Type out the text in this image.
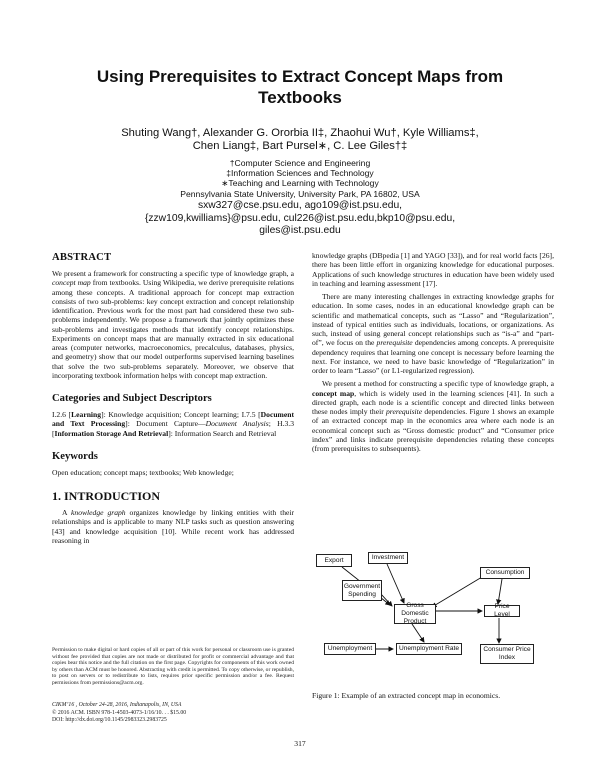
Using Prerequisites to Extract Concept Maps from Textbooks
Shuting Wang†, Alexander G. Ororbia II‡, Zhaohui Wu†, Kyle Williams‡,
Chen Liang‡, Bart Pursel∗, C. Lee Giles†‡
†Computer Science and Engineering
‡Information Sciences and Technology
∗Teaching and Learning with Technology
Pennsylvania State University, University Park, PA 16802, USA
sxw327@cse.psu.edu, ago109@ist.psu.edu,
{zzw109,kwilliams}@psu.edu, cul226@ist.psu.edu,bkp10@psu.edu,
giles@ist.psu.edu
ABSTRACT

We present a framework for constructing a specific type of knowledge graph, a concept map from textbooks. Using Wikipedia, we derive prerequisite relations among these concepts. A traditional approach for concept map extraction consists of two sub-problems: key concept extraction and concept relationship identification. Previous work for the most part had considered these two sub-problems independently. We propose a framework that jointly optimizes these sub-problems and investigates methods that identify concept relationships. Experiments on concept maps that are manually extracted in six educational areas (computer networks, macroeconomics, precalculus, databases, physics, and geometry) show that our model outperforms supervised learning baselines that solve the two sub-problems separately. Moreover, we observe that incorporating textbook information helps with concept map extraction.

Categories and Subject Descriptors

I.2.6 [Learning]: Knowledge acquisition; Concept learning; I.7.5 [Document and Text Processing]: Document Capture—Document Analysis; H.3.3 [Information Storage And Retrieval]: Information Search and Retrieval

Keywords

Open education; concept maps; textbooks; Web knowledge;

1. INTRODUCTION

A knowledge graph organizes knowledge by linking entities with their relationships and is applicable to many NLP tasks such as question answering [43] and knowledge acquisition [10]. While recent work has addressed reasoning in

Permission to make digital or hard copies of all or part of this work for personal or classroom use is granted without fee provided that copies are not made or distributed for profit or commercial advantage and that copies bear this notice and the full citation on the first page. Copyrights for components of this work owned by others than ACM must be honored. Abstracting with credit is permitted. To copy otherwise, or republish, to post on servers or to redistribute to lists, requires prior specific permission and/or a fee. Request permissions from permissions@acm.org.
CIKM’16 , October 24-28, 2016, Indianapolis, IN, USA
© 2016 ACM. ISBN 978-1-4503-4073-1/16/10. . . $15.00
DOI: http://dx.doi.org/10.1145/2983323.2983725

knowledge graphs (DBpedia [1] and YAGO [33]), and for real world facts [26], there has been little effort in organizing knowledge for educational purposes. Applications of such knowledge structures in education have been widely used in teaching and learning assessment [17].

There are many interesting challenges in extracting knowledge graphs for education. In some cases, nodes in an educational knowledge graph can be scientific and mathematical concepts, such as “Lasso” and “Regularization”, instead of typical entities such as individuals, locations, or organizations. As such, instead of using general concept relationships such as “is-a” and “part-of”, we focus on the prerequisite dependencies among concepts. A prerequisite dependency requires that learning one concept is necessary before learning the next. For instance, we need to have basic knowledge of “Regularization” in order to learn “Lasso” (or L1-regularized regression).

We present a method for constructing a specific type of knowledge graph, a concept map, which is widely used in the learning sciences [41]. In such a directed graph, each node is a scientific concept and directed links between these nodes imply their prerequisite dependencies. Figure 1 shows an example of an extracted concept map in the economics area where each node is an economical concept such as “Gross domestic product” and “Consumer price index” and links indicate prerequisite dependencies relating these concepts (from prerequisites to subsequents).

Export	Investment
Consumption
Government Spending
Gross Domestic Product
Price Level
Unemployment	Unemployment Rate	Consumer Price Index
Figure 1: Example of an extracted concept map in economics.
317
